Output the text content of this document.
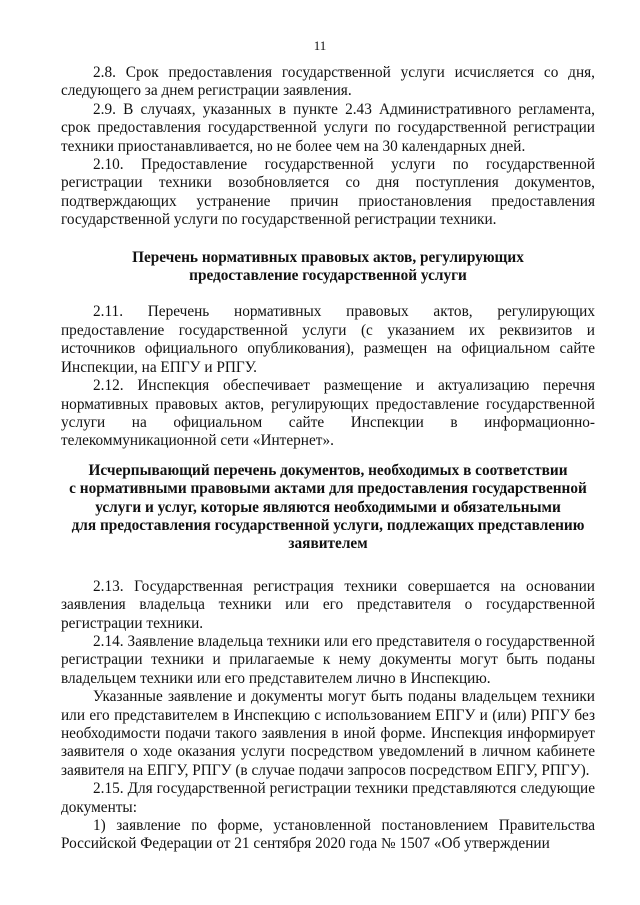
11

2.8. Срок предоставления государственной услуги исчисляется со дня, следующего за днем регистрации заявления.

2.9. В случаях, указанных в пункте 2.43 Административного регламента, срок предоставления государственной услуги по государственной регистрации техники приостанавливается, но не более чем на 30 календарных дней.

2.10. Предоставление государственной услуги по государственной регистрации техники возобновляется со дня поступления документов, подтверждающих устранение причин приостановления предоставления государственной услуги по государственной регистрации техники.

Перечень нормативных правовых актов, регулирующих
предоставление государственной услуги

2.11. Перечень нормативных правовых актов, регулирующих предоставление государственной услуги (с указанием их реквизитов и источников официального опубликования), размещен на официальном сайте Инспекции, на ЕПГУ и РПГУ.

2.12. Инспекция обеспечивает размещение и актуализацию перечня нормативных правовых актов, регулирующих предоставление государственной услуги на официальном сайте Инспекции в информационно-телекоммуникационной сети «Интернет».

Исчерпывающий перечень документов, необходимых в соответствии
с нормативными правовыми актами для предоставления государственной
услуги и услуг, которые являются необходимыми и обязательными
для предоставления государственной услуги, подлежащих представлению
заявителем

2.13. Государственная регистрация техники совершается на основании заявления владельца техники или его представителя о государственной регистрации техники.

2.14. Заявление владельца техники или его представителя о государственной регистрации техники и прилагаемые к нему документы могут быть поданы владельцем техники или его представителем лично в Инспекцию.

Указанные заявление и документы могут быть поданы владельцем техники или его представителем в Инспекцию с использованием ЕПГУ и (или) РПГУ без необходимости подачи такого заявления в иной форме. Инспекция информирует заявителя о ходе оказания услуги посредством уведомлений в личном кабинете заявителя на ЕПГУ, РПГУ (в случае подачи запросов посредством ЕПГУ, РПГУ).

2.15. Для государственной регистрации техники представляются следующие документы:

1) заявление по форме, установленной постановлением Правительства Российской Федерации от 21 сентября 2020 года № 1507 «Об утверждении
